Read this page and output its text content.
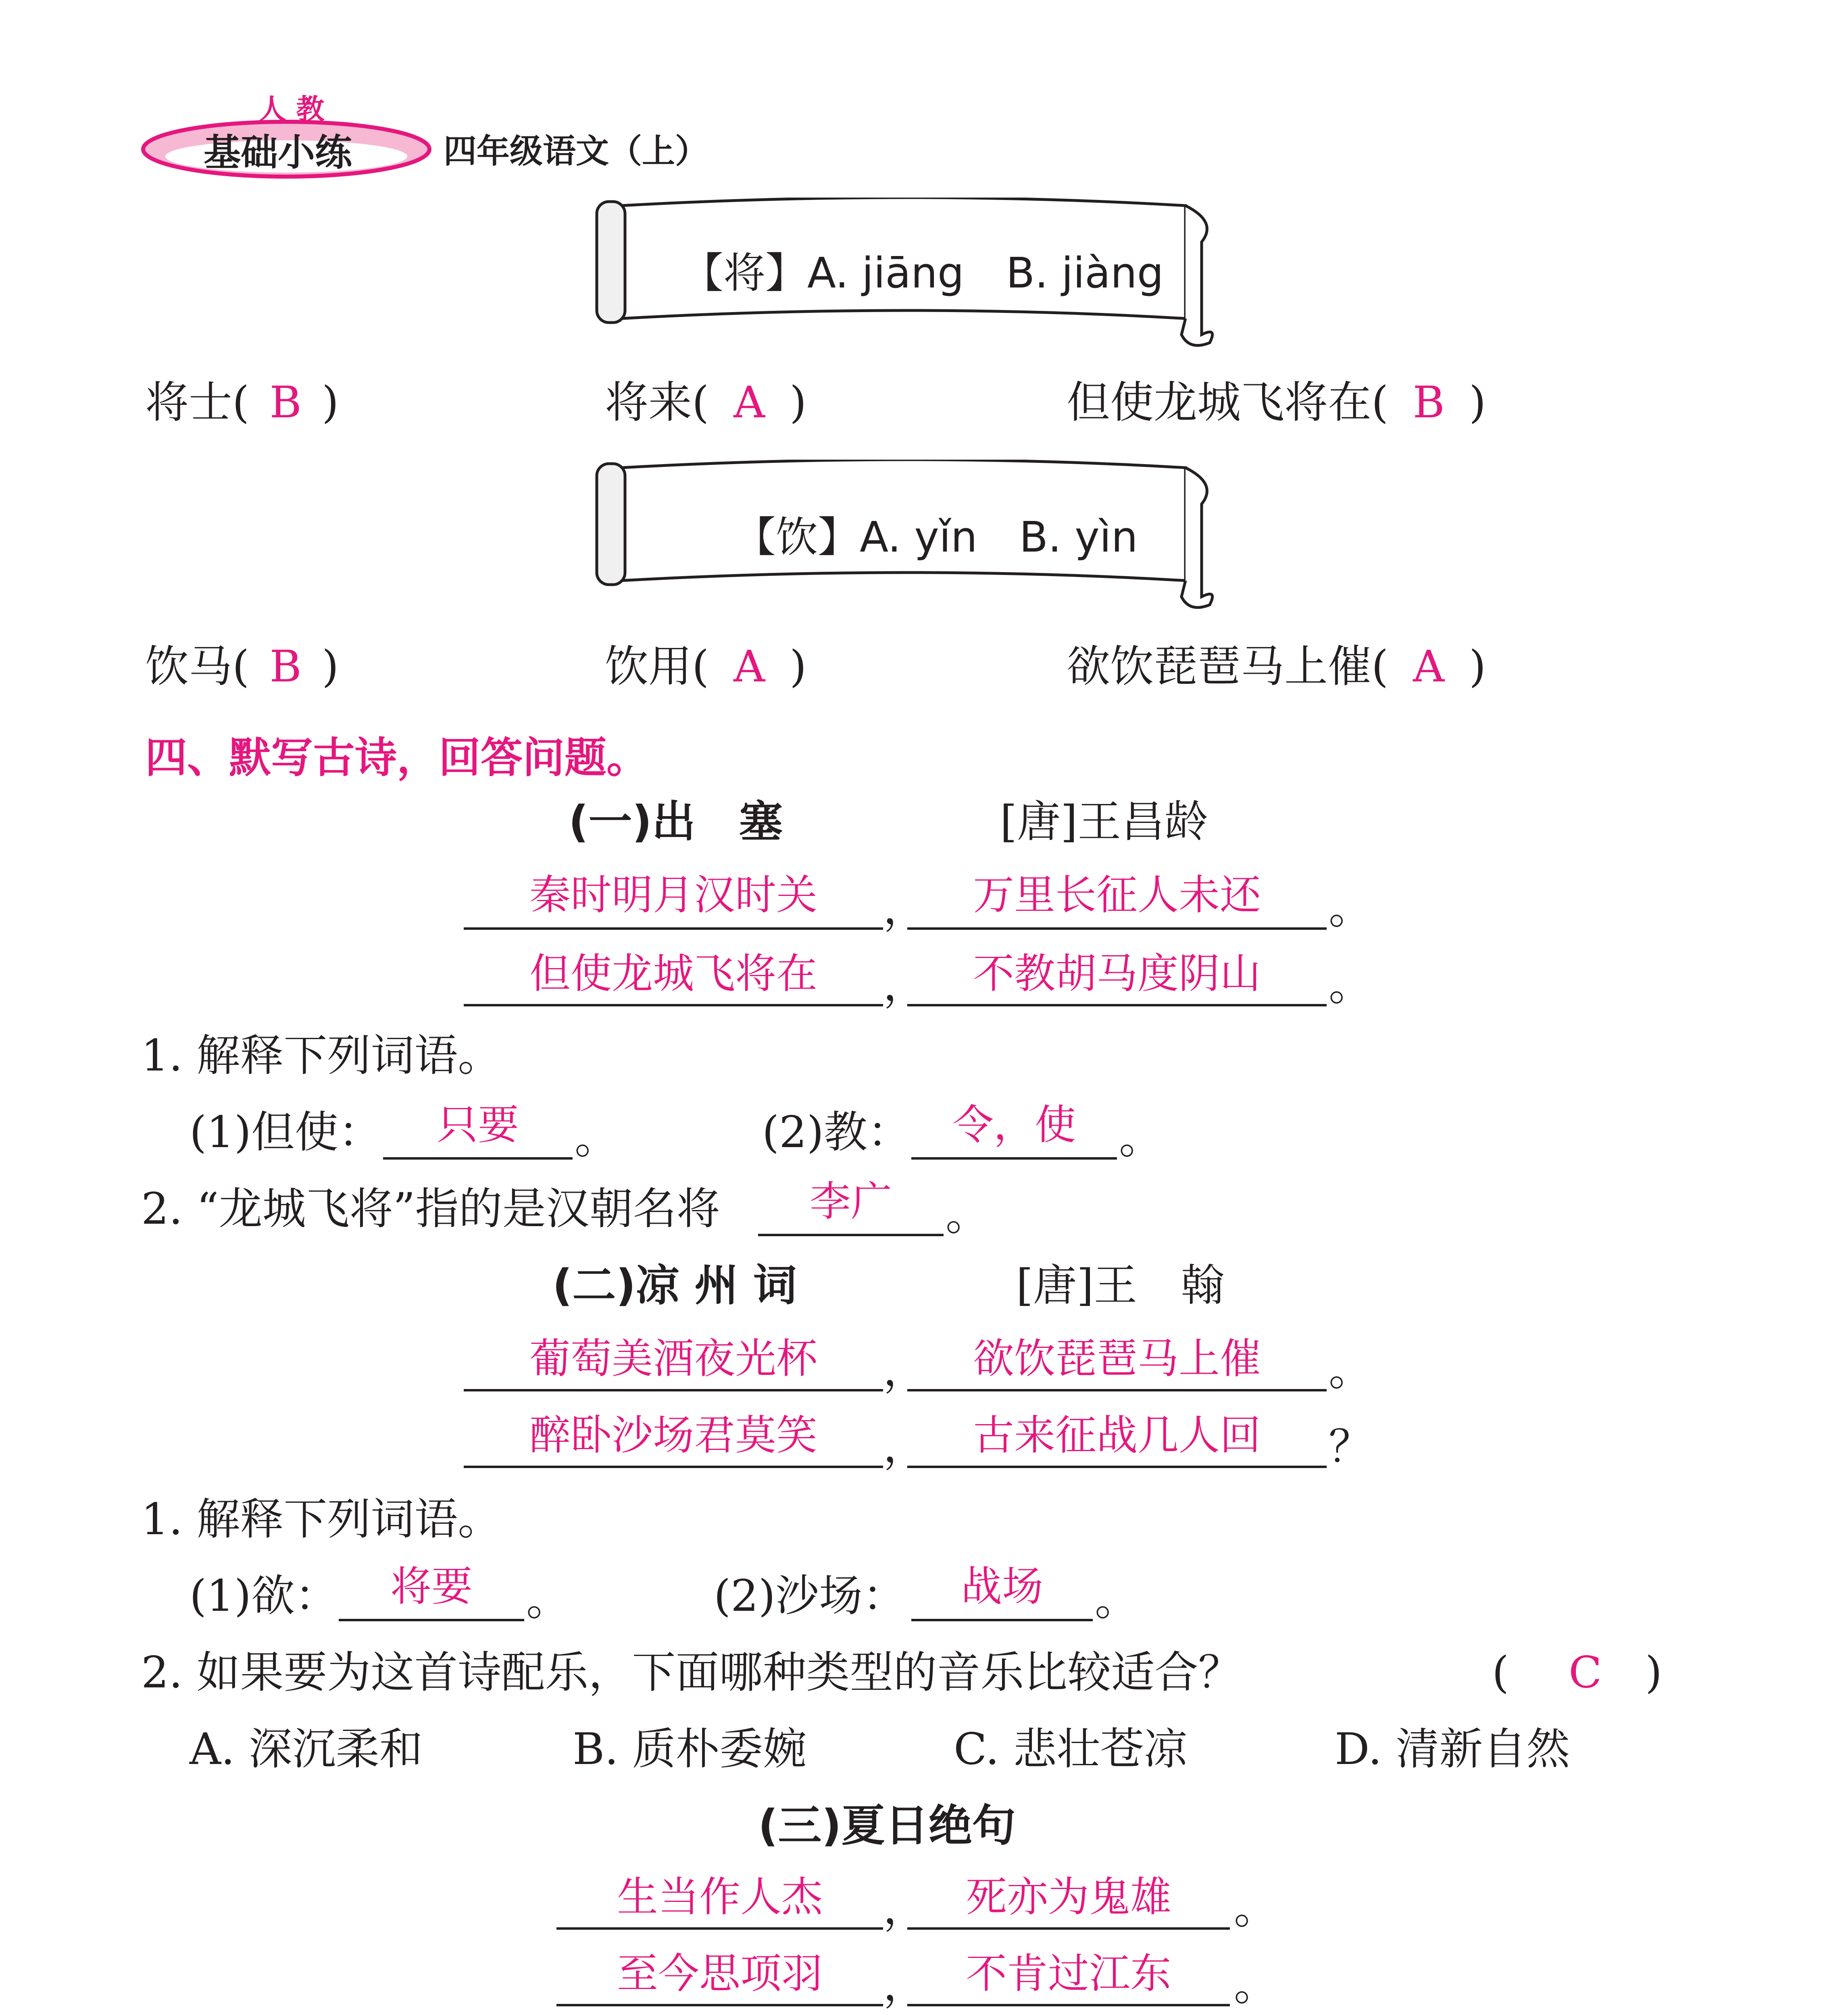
人 教
基础小练	四年级语文（上）
【将】A. jiāng　B. jiàng
将士( B )	将来( A )	但使龙城飞将在( B )
【饮】A. yǐn　B. yìn
饮马( B )	饮用( A )	欲饮琵琶马上催( A )
四、默写古诗，回答问题。
(一)出　塞	[唐]王昌龄
秦时明月汉时关	，	万里长征人未还	。
但使龙城飞将在	，	不教胡马度阴山	。
1. 解释下列词语。
(1)但使：	只要	。	(2)教：	令，使 。
2. “龙城飞将”指的是汉朝名将	李广	。
(二)凉 州 词	[唐]王　翰
葡萄美酒夜光杯	，	欲饮琵琶马上催	。
醉卧沙场君莫笑	，	古来征战几人回	？
1. 解释下列词语。
(1)欲：	将要	。	(2)沙场：	战场	。
2. 如果要为这首诗配乐，下面哪种类型的音乐比较适合？	( C )
A. 深沉柔和	B. 质朴委婉	C. 悲壮苍凉	D. 清新自然
(三)夏日绝句
生当作人杰	， 死亦为鬼雄	。
至今思项羽	， 不肯过江东	。
